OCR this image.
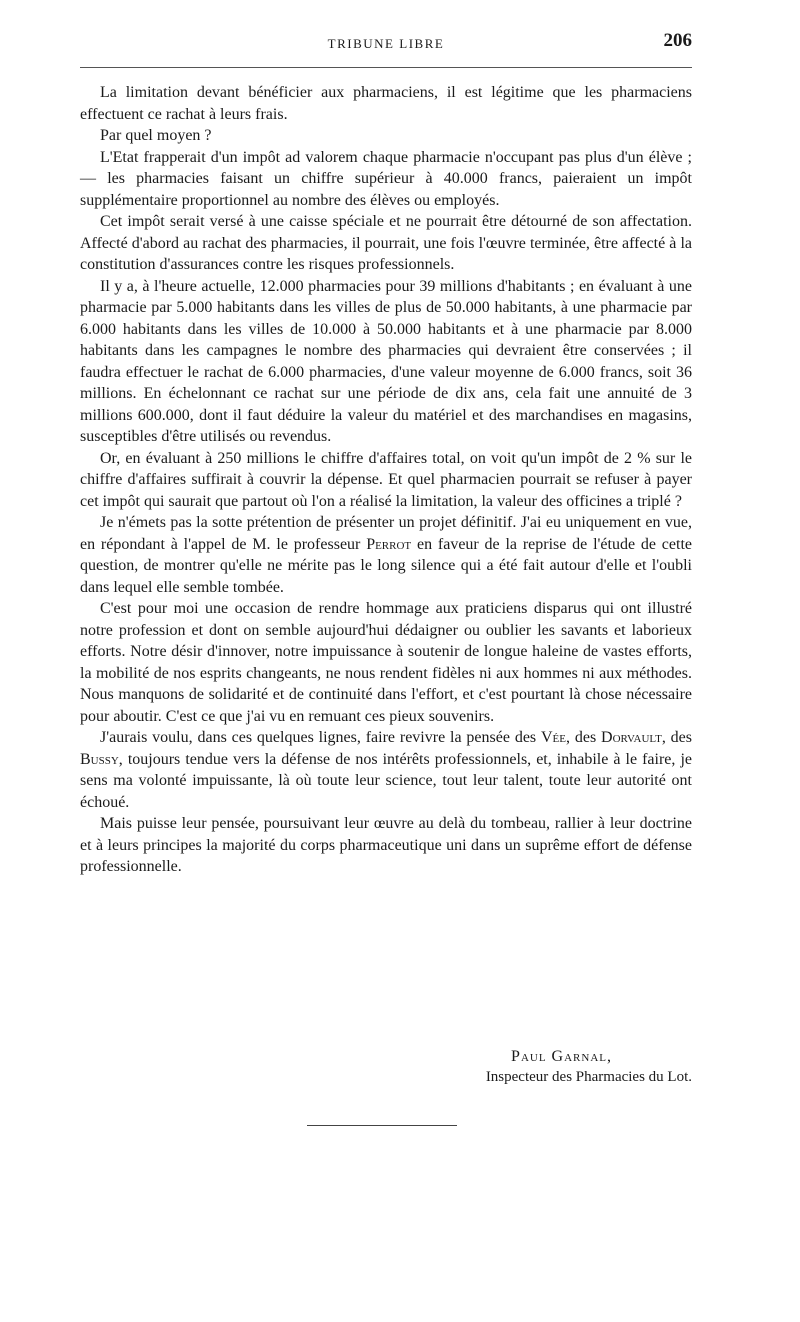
TRIBUNE LIBRE	206

La limitation devant bénéficier aux pharmaciens, il est légitime que les pharmaciens effectuent ce rachat à leurs frais.

Par quel moyen ?

L'Etat frapperait d'un impôt ad valorem chaque pharmacie n'occupant pas plus d'un élève ; — les pharmacies faisant un chiffre supérieur à 40.000 francs, paieraient un impôt supplémentaire proportionnel au nombre des élèves ou employés.

Cet impôt serait versé à une caisse spéciale et ne pourrait être détourné de son affectation. Affecté d'abord au rachat des pharmacies, il pourrait, une fois l'œuvre terminée, être affecté à la constitution d'assurances contre les risques professionnels.

Il y a, à l'heure actuelle, 12.000 pharmacies pour 39 millions d'habitants ; en évaluant à une pharmacie par 5.000 habitants dans les villes de plus de 50.000 habitants, à une pharmacie par 6.000 habitants dans les villes de 10.000 à 50.000 habitants et à une pharmacie par 8.000 habitants dans les campagnes le nombre des pharmacies qui devraient être conservées ; il faudra effectuer le rachat de 6.000 pharmacies, d'une valeur moyenne de 6.000 francs, soit 36 millions. En échelonnant ce rachat sur une période de dix ans, cela fait une annuité de 3 millions 600.000, dont il faut déduire la valeur du matériel et des marchandises en magasins, susceptibles d'être utilisés ou revendus.

Or, en évaluant à 250 millions le chiffre d'affaires total, on voit qu'un impôt de 2 % sur le chiffre d'affaires suffirait à couvrir la dépense. Et quel pharmacien pourrait se refuser à payer cet impôt qui saurait que partout où l'on a réalisé la limitation, la valeur des officines a triplé ?

Je n'émets pas la sotte prétention de présenter un projet définitif. J'ai eu uniquement en vue, en répondant à l'appel de M. le professeur Perrot en faveur de la reprise de l'étude de cette question, de montrer qu'elle ne mérite pas le long silence qui a été fait autour d'elle et l'oubli dans lequel elle semble tombée.

C'est pour moi une occasion de rendre hommage aux praticiens disparus qui ont illustré notre profession et dont on semble aujourd'hui dédaigner ou oublier les savants et laborieux efforts. Notre désir d'innover, notre impuissance à soutenir de longue haleine de vastes efforts, la mobilité de nos esprits changeants, ne nous rendent fidèles ni aux hommes ni aux méthodes. Nous manquons de solidarité et de continuité dans l'effort, et c'est pourtant là chose nécessaire pour aboutir. C'est ce que j'ai vu en remuant ces pieux souvenirs.

J'aurais voulu, dans ces quelques lignes, faire revivre la pensée des Vée, des Dorvault, des Bussy, toujours tendue vers la défense de nos intérêts professionnels, et, inhabile à le faire, je sens ma volonté impuissante, là où toute leur science, tout leur talent, toute leur autorité ont échoué.

Mais puisse leur pensée, poursuivant leur œuvre au delà du tombeau, rallier à leur doctrine et à leurs principes la majorité du corps pharmaceutique uni dans un suprême effort de défense professionnelle.

Paul Garnal,
Inspecteur des Pharmacies du Lot.
